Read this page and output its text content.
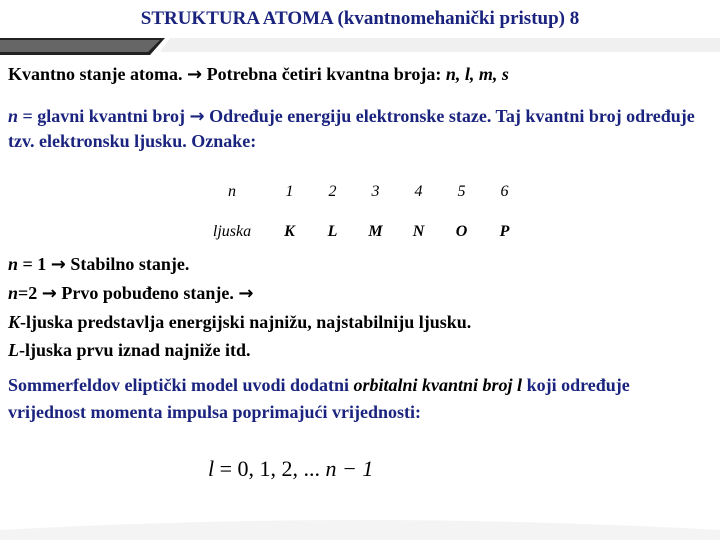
STRUKTURA ATOMA (kvantnomehanički pristup) 8
Kvantno stanje atoma. → Potrebna četiri kvantna broja: n, l, m, s
n = glavni kvantni broj → Određuje energiju elektronske staze. Taj kvantni broj određuje tzv. elektronsku ljusku. Oznake:
n	1	2	3	4	5	6
ljuska	K	L	M	N	O	P
n = 1 → Stabilno stanje.
n=2 → Prvo pobuđeno stanje. →
K-ljuska predstavlja energijski najnižu, najstabilniju ljusku.
L-ljuska prvu iznad najniže itd.
Sommerfeldov eliptički model uvodi dodatni orbitalni kvantni broj l koji određuje vrijednost momenta impulsa poprimajući vrijednosti:
l = 0, 1, 2, ... n − 1
